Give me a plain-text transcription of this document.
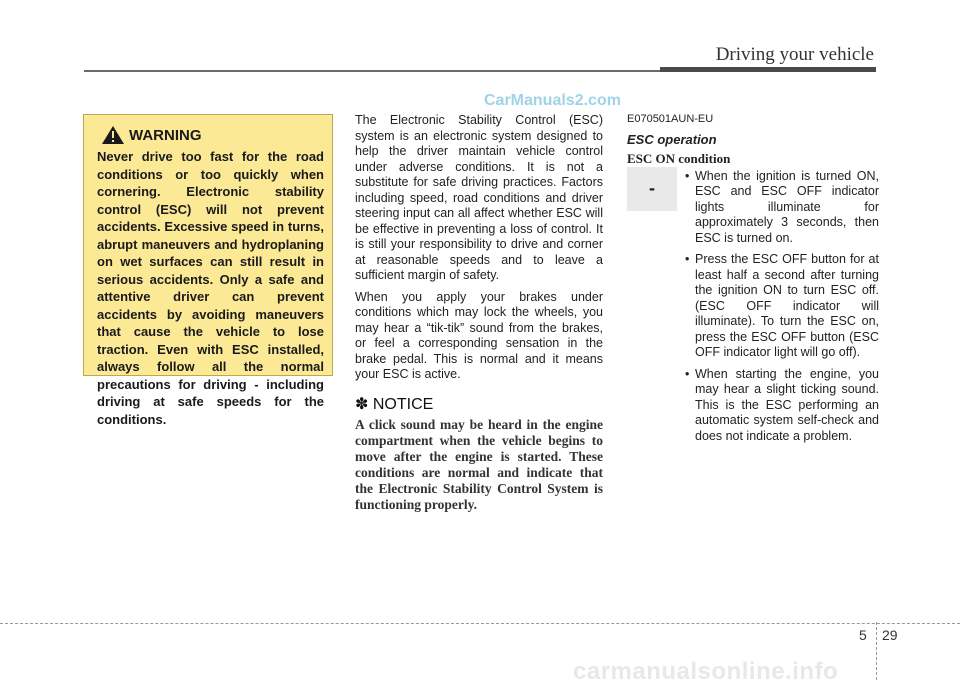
Driving your vehicle
CarManuals2.com
WARNING

Never drive too fast for the road conditions or too quickly when cornering. Electronic stability control (ESC) will not prevent accidents. Excessive speed in turns, abrupt maneuvers and hydroplaning on wet surfaces can still result in serious accidents. Only a safe and attentive driver can prevent accidents by avoiding maneuvers that cause the vehicle to lose traction. Even with ESC installed, always follow all the normal precautions for driving - including driving at safe speeds for the conditions.

The Electronic Stability Control (ESC) system is an electronic system designed to help the driver maintain vehicle control under adverse conditions. It is not a substitute for safe driving practices. Factors including speed, road conditions and driver steering input can all affect whether ESC will be effective in preventing a loss of control. It is still your responsibility to drive and corner at reasonable speeds and to leave a sufficient margin of safety.

When you apply your brakes under conditions which may lock the wheels, you may hear a “tik-tik” sound from the brakes, or feel a corresponding sensation in the brake pedal. This is normal and it means your ESC is active.

✽ NOTICE

A click sound may be heard in the engine compartment when the vehicle begins to move after the engine is started. These conditions are normal and indicate that the Electronic Stability Control System is functioning properly.

E070501AUN-EU
ESC operation
ESC ON condition
-
• When the ignition is turned ON, ESC and ESC OFF indicator lights illuminate for approximately 3 seconds, then ESC is turned on.
• Press the ESC OFF button for at least half a second after turning the ignition ON to turn ESC off. (ESC OFF indicator will illuminate). To turn the ESC on, press the ESC OFF button (ESC OFF indicator light will go off).
• When starting the engine, you may hear a slight ticking sound. This is the ESC performing an automatic system self-check and does not indicate a problem.
5 29
carmanualsonline.info
